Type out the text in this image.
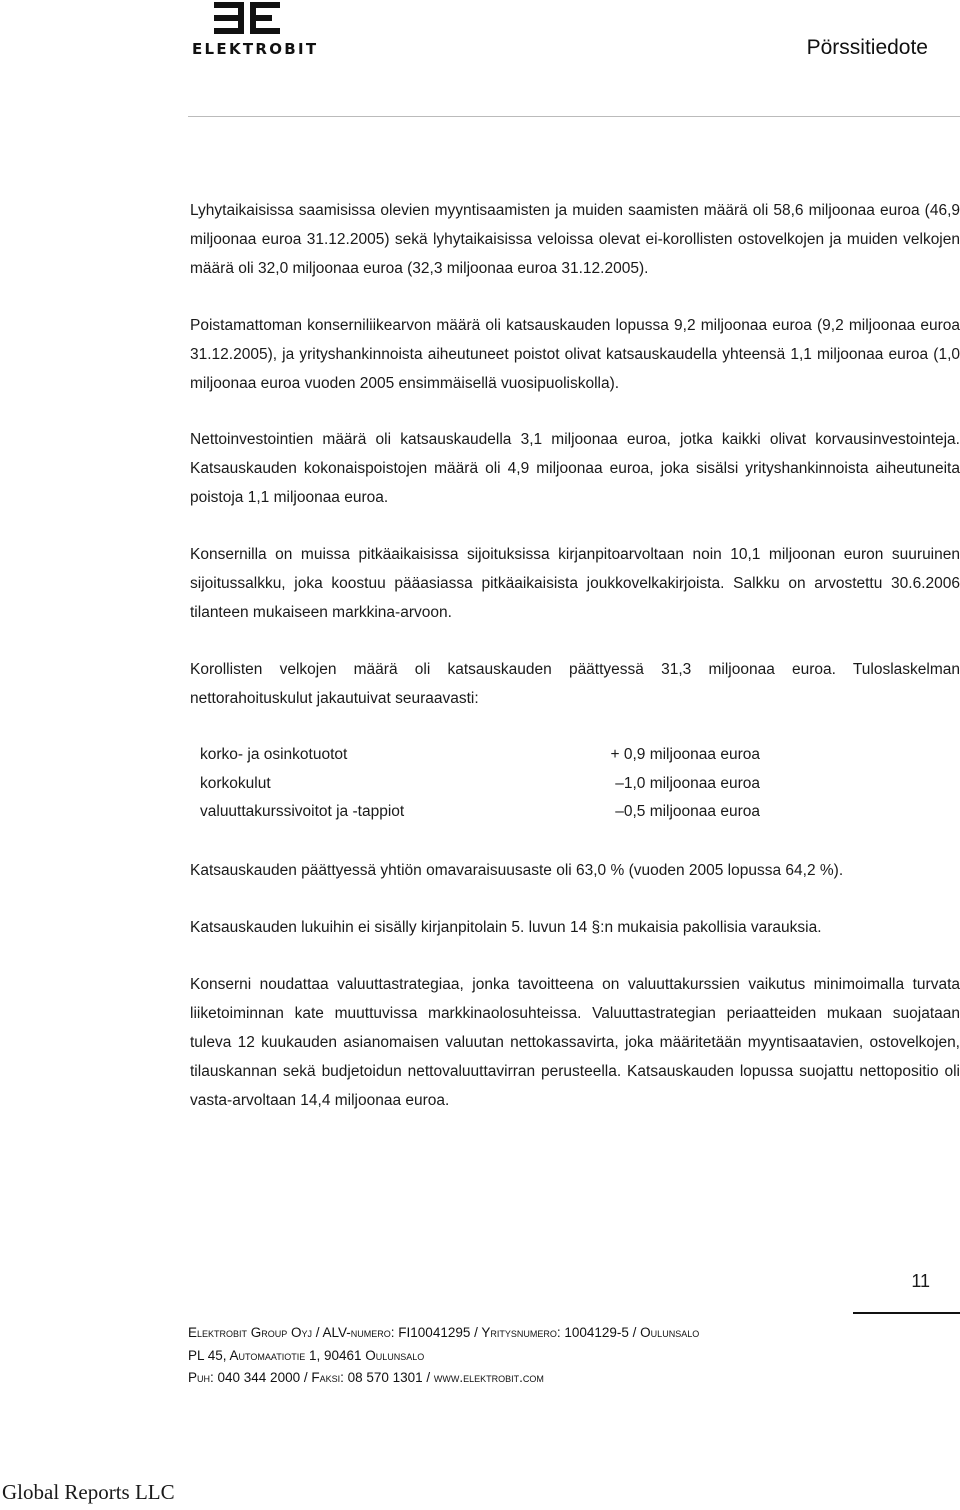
ELEKTROBIT	Pörssitiedote

Lyhytaikaisissa saamisissa olevien myyntisaamisten ja muiden saamisten määrä oli 58,6 miljoonaa euroa (46,9 miljoonaa euroa 31.12.2005) sekä lyhytaikaisissa veloissa olevat ei-korollisten ostovelkojen ja muiden velkojen määrä oli 32,0 miljoonaa euroa (32,3 miljoonaa euroa 31.12.2005).

Poistamattoman konserniliikearvon määrä oli katsauskauden lopussa 9,2 miljoonaa euroa (9,2 miljoonaa euroa 31.12.2005), ja yrityshankinnoista aiheutuneet poistot olivat katsauskaudella yhteensä 1,1 miljoonaa euroa (1,0 miljoonaa euroa vuoden 2005 ensimmäisellä vuosipuoliskolla).

Nettoinvestointien määrä oli katsauskaudella 3,1 miljoonaa euroa, jotka kaikki olivat korvausinvestointeja. Katsauskauden kokonaispoistojen määrä oli 4,9 miljoonaa euroa, joka sisälsi yrityshankinnoista aiheutuneita poistoja 1,1 miljoonaa euroa.

Konsernilla on muissa pitkäaikaisissa sijoituksissa kirjanpitoarvoltaan noin 10,1 miljoonan euron suuruinen sijoitussalkku, joka koostuu pääasiassa pitkäaikaisista joukkovelkakirjoista. Salkku on arvostettu 30.6.2006 tilanteen mukaiseen markkina-arvoon.

Korollisten velkojen määrä oli katsauskauden päättyessä 31,3 miljoonaa euroa. Tuloslaskelman nettorahoituskulut jakautuivat seuraavasti:

korko- ja osinkotuotot	+ 0,9 miljoonaa euroa
korkokulut	–1,0 miljoonaa euroa
valuuttakurssivoitot ja -tappiot	–0,5 miljoonaa euroa

Katsauskauden päättyessä yhtiön omavaraisuusaste oli 63,0 % (vuoden 2005 lopussa 64,2 %).

Katsauskauden lukuihin ei sisälly kirjanpitolain 5. luvun 14 §:n mukaisia pakollisia varauksia.

Konserni noudattaa valuuttastrategiaa, jonka tavoitteena on valuuttakurssien vaikutus minimoimalla turvata liiketoiminnan kate muuttuvissa markkinaolosuhteissa. Valuuttastrategian periaatteiden mukaan suojataan tuleva 12 kuukauden asianomaisen valuutan nettokassavirta, joka määritetään myyntisaatavien, ostovelkojen, tilauskannan sekä budjetoidun nettovaluuttavirran perusteella. Katsauskauden lopussa suojattu nettopositio oli vasta-arvoltaan 14,4 miljoonaa euroa.

11
Elektrobit Group Oyj / ALV-numero: FI10041295 / Yritysnumero: 1004129-5 / Oulunsalo
PL 45, Automaatiotie 1, 90461 Oulunsalo
Puh: 040 344 2000 / Faksi: 08 570 1301 / www.elektrobit.com
Global Reports LLC
